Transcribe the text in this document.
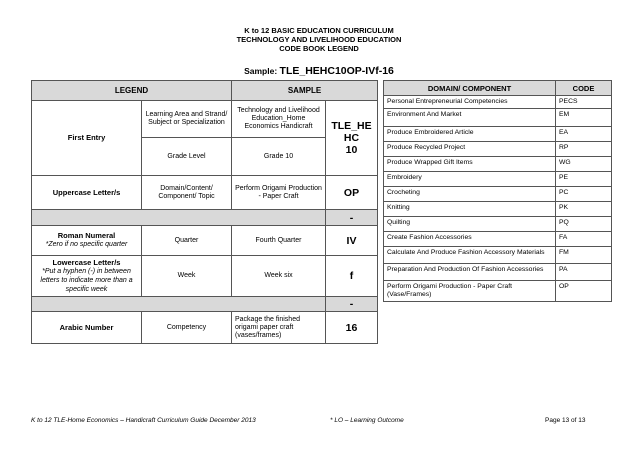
K to 12 BASIC EDUCATION CURRICULUM
TECHNOLOGY AND LIVELIHOOD EDUCATION
CODE BOOK LEGEND
Sample: TLE_HEHC10OP-IVf-16
LEGEND		SAMPLE	
First Entry	Learning Area and Strand/ Subject or Specialization	Technology and Livelihood Education_Home Economics Handicraft	TLE_HE
HC
10
	Grade Level	Grade 10	
Uppercase Letter/s	Domain/Content/ Component/ Topic	Perform Origami Production - Paper Craft	OP
			-
Roman Numeral
*Zero if no specific quarter	Quarter	Fourth Quarter	IV
Lowercase Letter/s
*Put a hyphen (-) in between letters to indicate more than a specific week	Week	Week six	f
			-
Arabic Number	Competency	Package the finished origami paper craft (vases/frames)	16
DOMAIN/ COMPONENT	CODE
Personal Entrepreneurial Competencies	PECS
Environment And Market	EM
Produce Embroidered Article	EA
Produce Recycled Project	RP
Produce Wrapped Gift Items	WG
Embroidery	PE
Crocheting	PC
Knitting	PK
Quilting	PQ
Create Fashion Accessories	FA
Calculate And Produce Fashion Accessory Materials	FM
Preparation And Production Of Fashion Accessories	PA
Perform Origami Production - Paper Craft (Vase/Frames)	OP
K to 12 TLE-Home Economics – Handicraft Curriculum Guide December 2013	* LO – Learning Outcome	Page 13 of 13
